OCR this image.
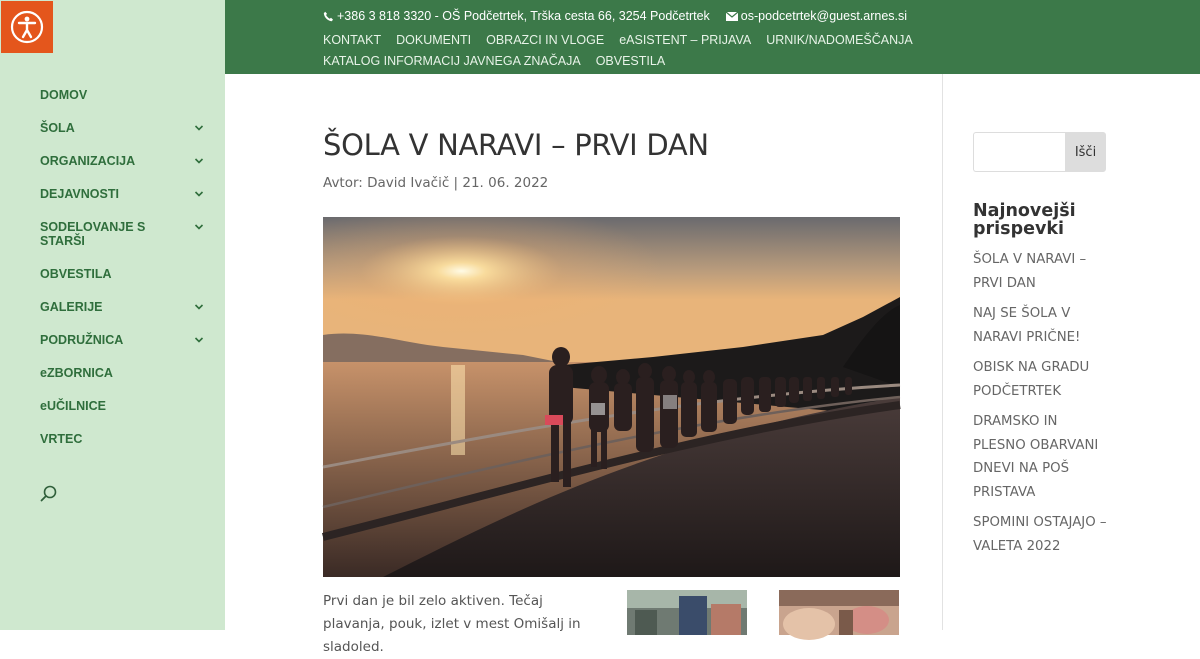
DOMOV
ŠOLA
ORGANIZACIJA
DEJAVNOSTI
SODELOVANJE S STARŠI
OBVESTILA
GALERIJE
PODRUŽNICA
eZBORNICA
eUČILNICE
VRTEC
+386 3 818 3320 - OŠ Podčetrtek, Trška cesta 66, 3254 Podčetrtek os-podcetrtek@guest.arnes.si
KONTAKT DOKUMENTI OBRAZCI IN VLOGE eASISTENT – PRIJAVA URNIK/NADOMEŠČANJAKATALOG INFORMACIJ JAVNEGA ZNAČAJA OBVESTILA
ŠOLA V NARAVI – PRVI DAN
Avtor: David Ivačič | 21. 06. 2022

Prvi dan je bil zelo aktiven. Tečaj plavanja, pouk, izlet v mest Omišalj in sladoled.

Išči
Najnovejši prispevki
ŠOLA V NARAVI – PRVI DAN
NAJ SE ŠOLA V NARAVI PRIČNE!
OBISK NA GRADU PODČETRTEK
DRAMSKO IN PLESNO OBARVANI DNEVI NA POŠ PRISTAVA
SPOMINI OSTAJAJO – VALETA 2022
